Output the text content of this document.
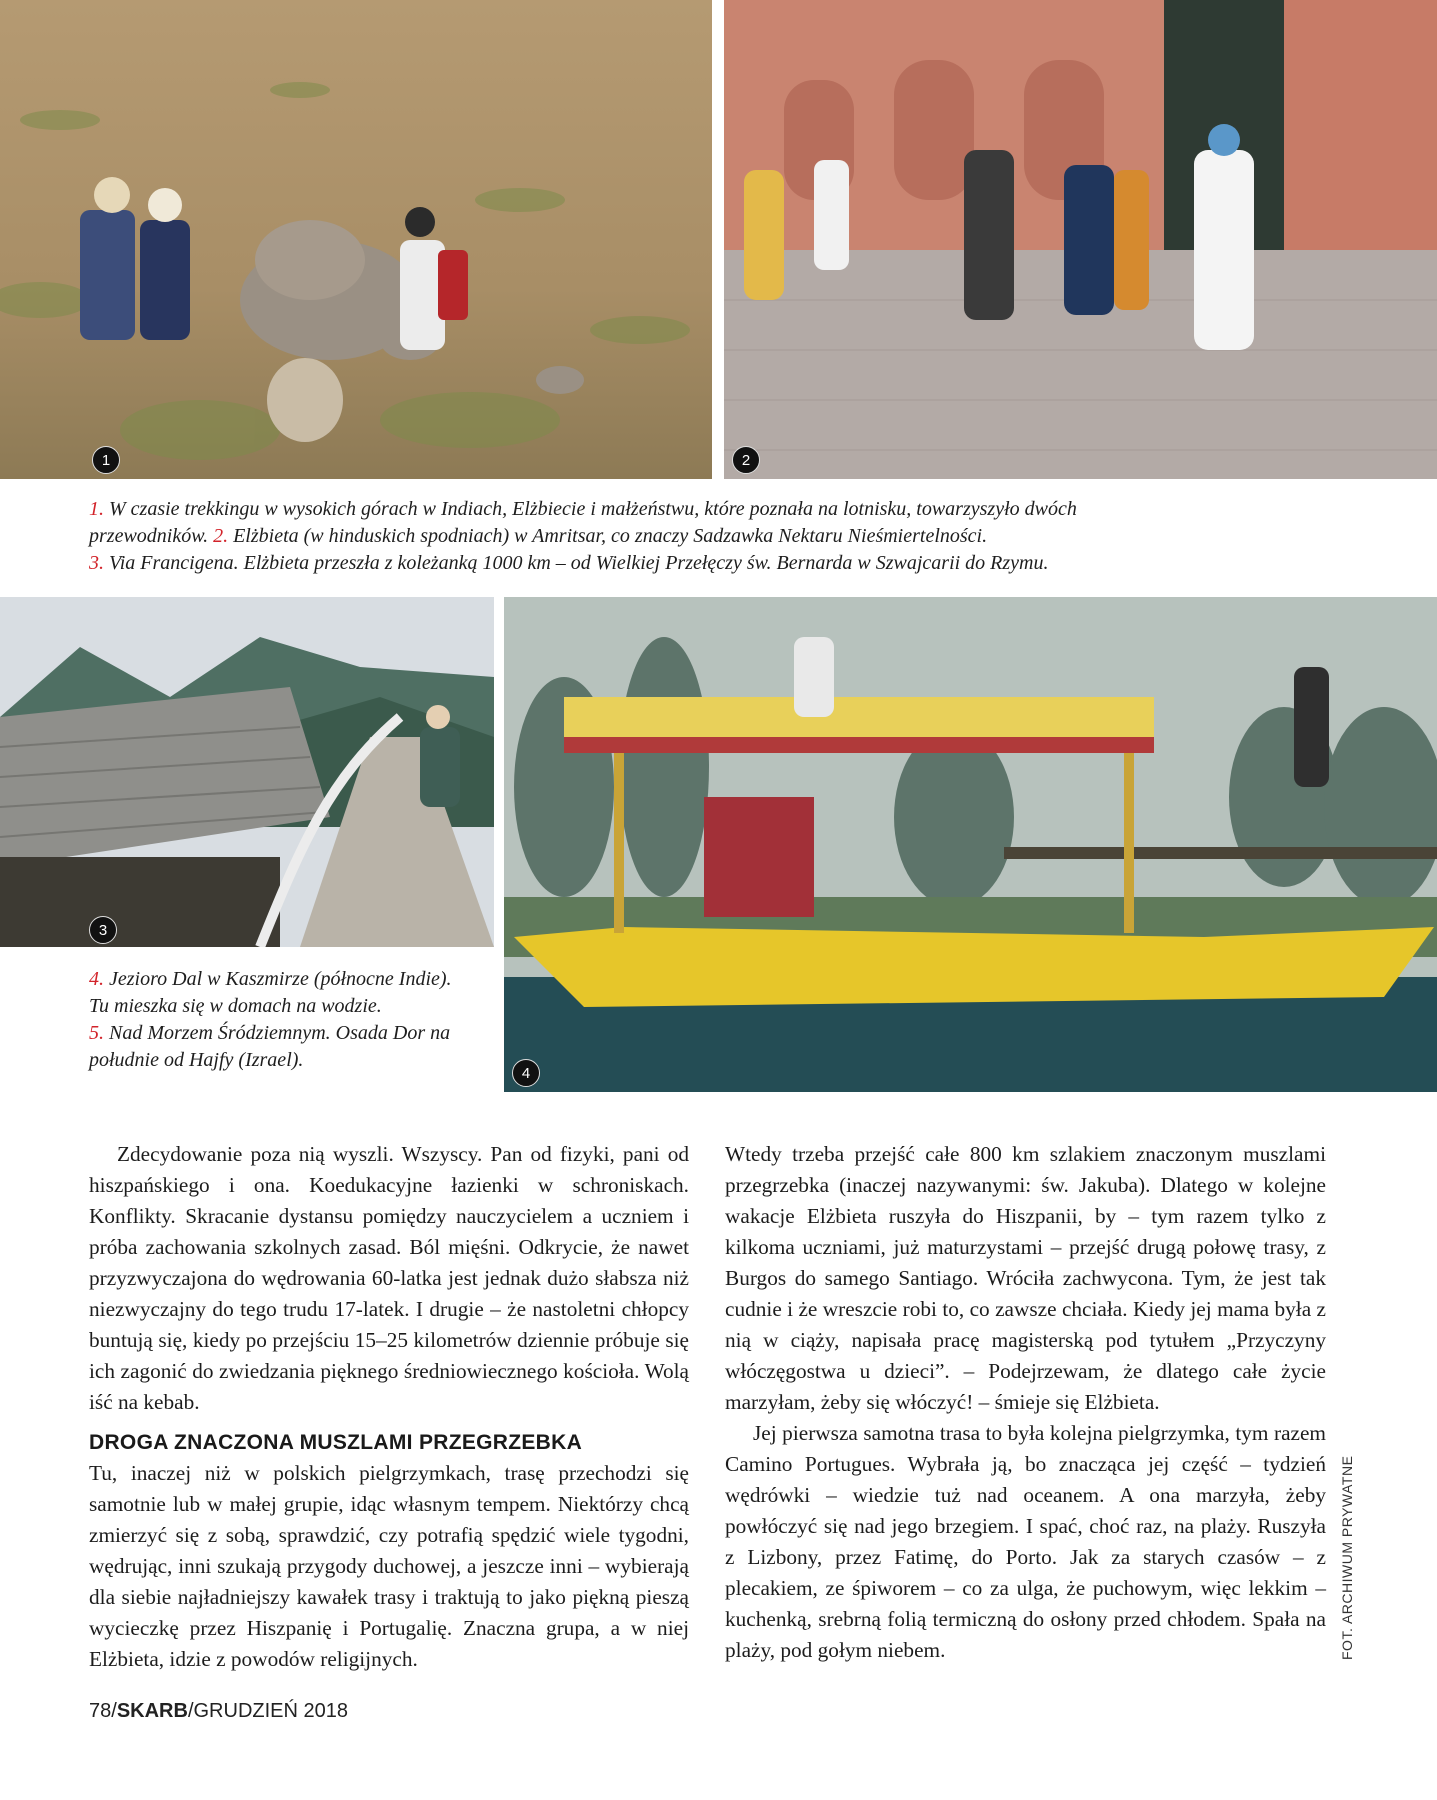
1	2

1. W czasie trekkingu w wysokich górach w Indiach, Elżbiecie i małżeństwu, które poznała na lotnisku, towarzyszyło dwóch przewodników. 2. Elżbieta (w hinduskich spodniach) w Amritsar, co znaczy Sadzawka Nektaru Nieśmiertelności.
3. Via Francigena. Elżbieta przeszła z koleżanką 1000 km – od Wielkiej Przełęczy św. Bernarda w Szwajcarii do Rzymu.

3
4

4. Jezioro Dal w Kaszmirze (północne Indie). Tu mieszka się w domach na wodzie.

5. Nad Morzem Śródziemnym. Osada Dor na południe od Hajfy (Izrael).

Zdecydowanie poza nią wyszli. Wszyscy. Pan od fizyki, pani od hiszpańskiego i ona. Koedukacyjne łazienki w schroniskach. Konflikty. Skracanie dystansu pomiędzy nauczycielem a uczniem i próba zachowania szkolnych zasad. Ból mięśni. Odkrycie, że nawet przyzwyczajona do wędrowania 60-latka jest jednak dużo słabsza niż niezwyczajny do tego trudu 17-latek. I drugie – że nastoletni chłopcy buntują się, kiedy po przejściu 15–25 kilometrów dziennie próbuje się ich zagonić do zwiedzania pięknego średniowiecznego kościoła. Wolą iść na kebab.

DROGA ZNACZONA MUSZLAMI PRZEGRZEBKA

Tu, inaczej niż w polskich pielgrzymkach, trasę przechodzi się samotnie lub w małej grupie, idąc własnym tempem. Niektórzy chcą zmierzyć się z sobą, sprawdzić, czy potrafią spędzić wiele tygodni, wędrując, inni szukają przygody duchowej, a jeszcze inni – wybierają dla siebie najładniejszy kawałek trasy i traktują to jako piękną pieszą wycieczkę przez Hiszpanię i Portugalię. Znaczna grupa, a w niej Elżbieta, idzie z powodów religijnych.

Wtedy trzeba przejść całe 800 km szlakiem znaczonym muszlami przegrzebka (inaczej nazywanymi: św. Jakuba). Dlatego w kolejne wakacje Elżbieta ruszyła do Hiszpanii, by – tym razem tylko z kilkoma uczniami, już maturzystami – przejść drugą połowę trasy, z Burgos do samego Santiago. Wróciła zachwycona. Tym, że jest tak cudnie i że wreszcie robi to, co zawsze chciała. Kiedy jej mama była z nią w ciąży, napisała pracę magisterską pod tytułem „Przyczyny włóczęgostwa u dzieci”. – Podejrzewam, że dlatego całe życie marzyłam, żeby się włóczyć! – śmieje się Elżbieta.

Jej pierwsza samotna trasa to była kolejna pielgrzymka, tym razem Camino Portugues. Wybrała ją, bo znacząca jej część – tydzień wędrówki – wiedzie tuż nad oceanem. A ona marzyła, żeby powłóczyć się nad jego brzegiem. I spać, choć raz, na plaży. Ruszyła z Lizbony, przez Fatimę, do Porto. Jak za starych czasów – z plecakiem, ze śpiworem – co za ulga, że puchowym, więc lekkim – kuchenką, srebrną folią termiczną do osłony przed chłodem. Spała na plaży, pod gołym niebem.	FOT. ARCHIWUM PRYWATNE
78/SKARB/GRUDZIEŃ 2018
